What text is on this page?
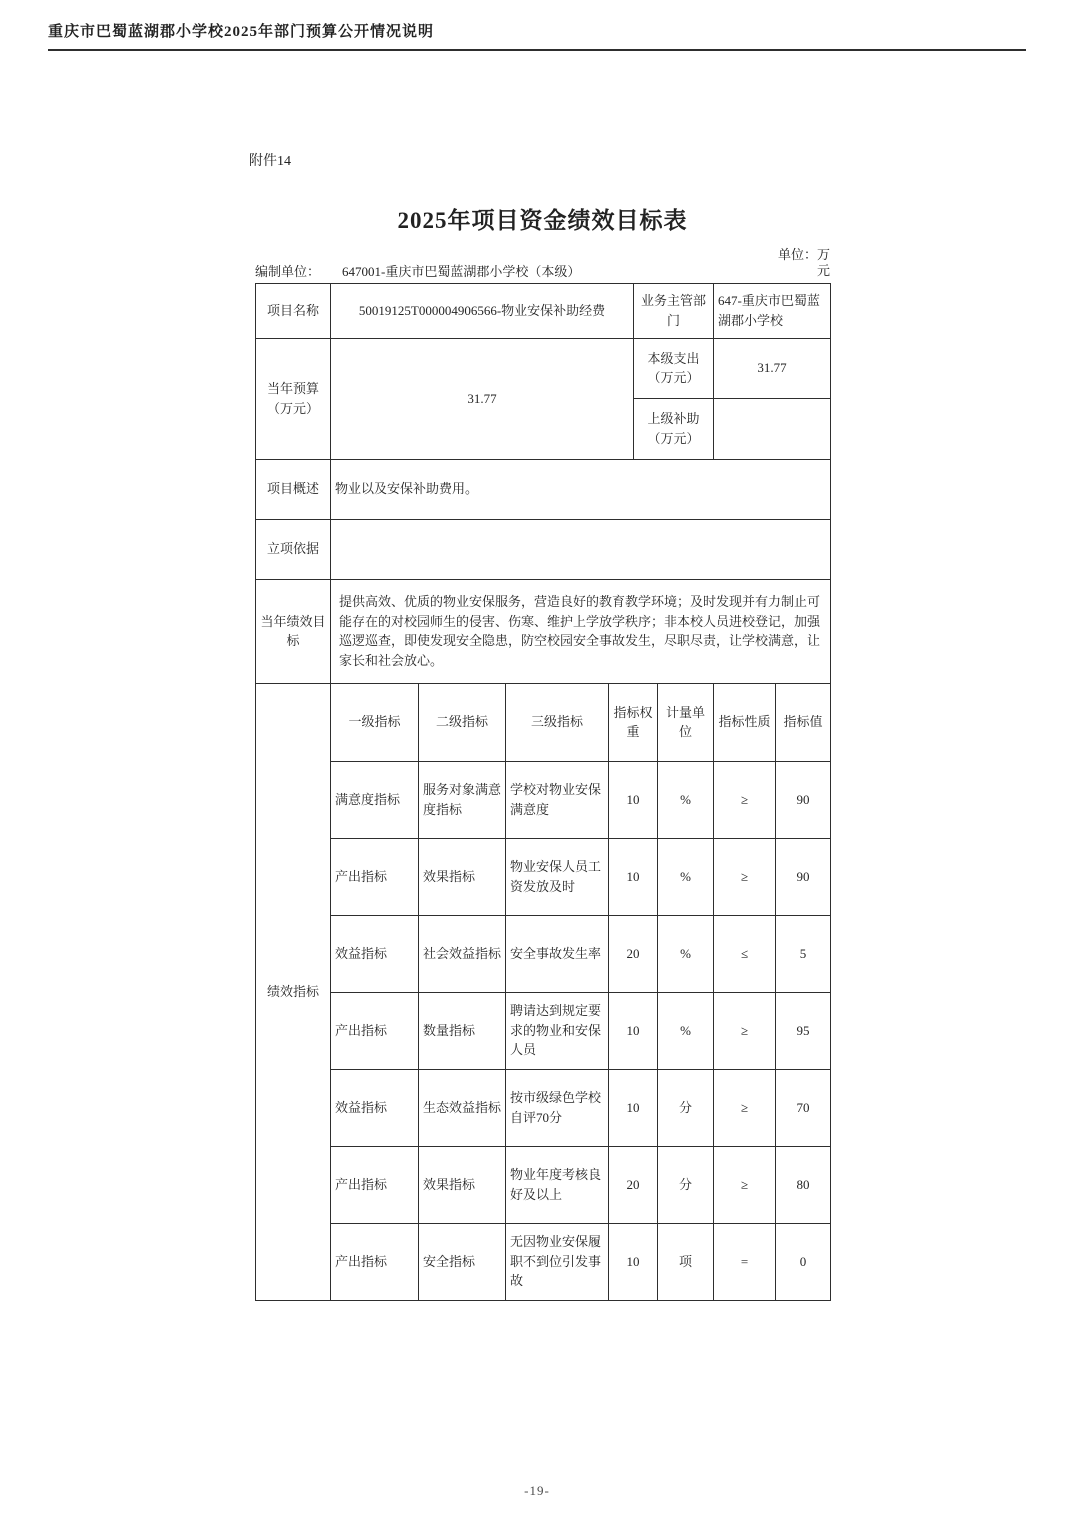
重庆市巴蜀蓝湖郡小学校2025年部门预算公开情况说明
附件14
2025年项目资金绩效目标表
编制单位： 647001-重庆市巴蜀蓝湖郡小学校（本级）
单位：万元
项目名称	50019125T000004906566-物业安保补助经费				业务主管部门		647-重庆市巴蜀蓝湖郡小学校	
当年预算（万元）	31.77				本级支出（万元）		31.77	
					上级补助（万元）			
项目概述	物业以及安保补助费用。							
立项依据								
当年绩效目标	提供高效、优质的物业安保服务，营造良好的教育教学环境；及时发现并有力制止可能存在的对校园师生的侵害、伤寒、维护上学放学秩序；非本校人员进校登记，加强巡逻巡查，即使发现安全隐患，防空校园安全事故发生，尽职尽责，让学校满意，让家长和社会放心。							
绩效指标	一级指标	二级指标	三级指标	指标权重		计量单位	指标性质	指标值
	满意度指标	服务对象满意度指标	学校对物业安保满意度	10		%	≥	90
	产出指标	效果指标	物业安保人员工资发放及时	10		%	≥	90
	效益指标	社会效益指标	安全事故发生率	20		%	≤	5
	产出指标	数量指标	聘请达到规定要求的物业和安保人员	10		%	≥	95
	效益指标	生态效益指标	按市级绿色学校自评70分	10		分	≥	70
	产出指标	效果指标	物业年度考核良好及以上	20		分	≥	80
	产出指标	安全指标	无因物业安保履职不到位引发事故	10		项	=	0
-19-
